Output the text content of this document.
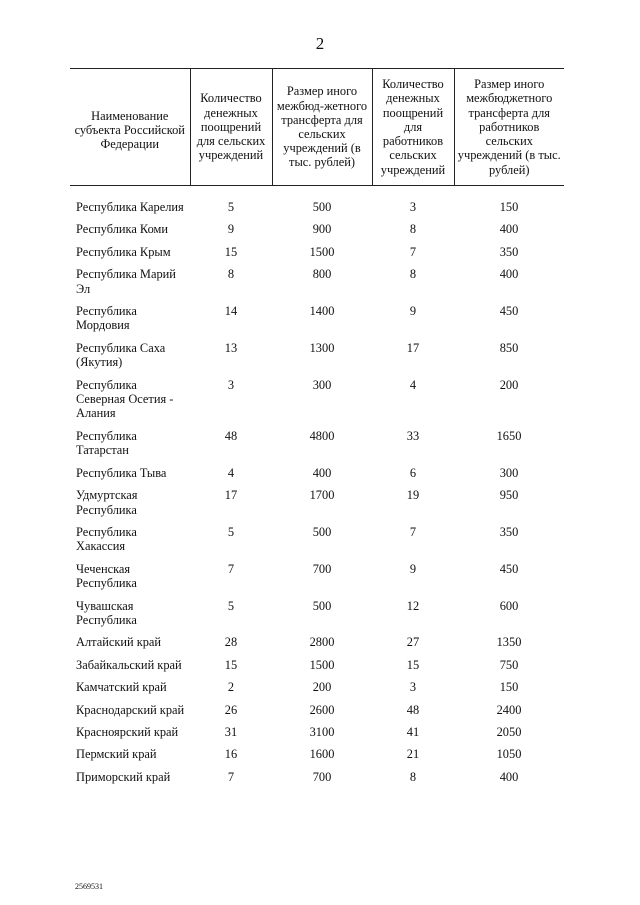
2
Наименование субъекта Российской Федерации	Количество денежных поощрений для сельских учреждений	Размер иного межбюд-жетного трансферта для сельских учреждений (в тыс. рублей)	Количество денежных поощрений для работников сельских учреждений	Размер иного межбюджетного трансферта для работников сельских учреждений (в тыс. рублей)
Республика Карелия	5	500	3	150
Республика Коми	9	900	8	400
Республика Крым	15	1500	7	350
Республика Марий Эл	8	800	8	400
Республика Мордовия	14	1400	9	450
Республика Саха (Якутия)	13	1300	17	850
Республика Северная Осетия - Алания	3	300	4	200
Республика Татарстан	48	4800	33	1650
Республика Тыва	4	400	6	300
Удмуртская Республика	17	1700	19	950
Республика Хакассия	5	500	7	350
Чеченская Республика	7	700	9	450
Чувашская Республика	5	500	12	600
Алтайский край	28	2800	27	1350
Забайкальский край	15	1500	15	750
Камчатский край	2	200	3	150
Краснодарский край	26	2600	48	2400
Красноярский край	31	3100	41	2050
Пермский край	16	1600	21	1050
Приморский край	7	700	8	400
2569531
